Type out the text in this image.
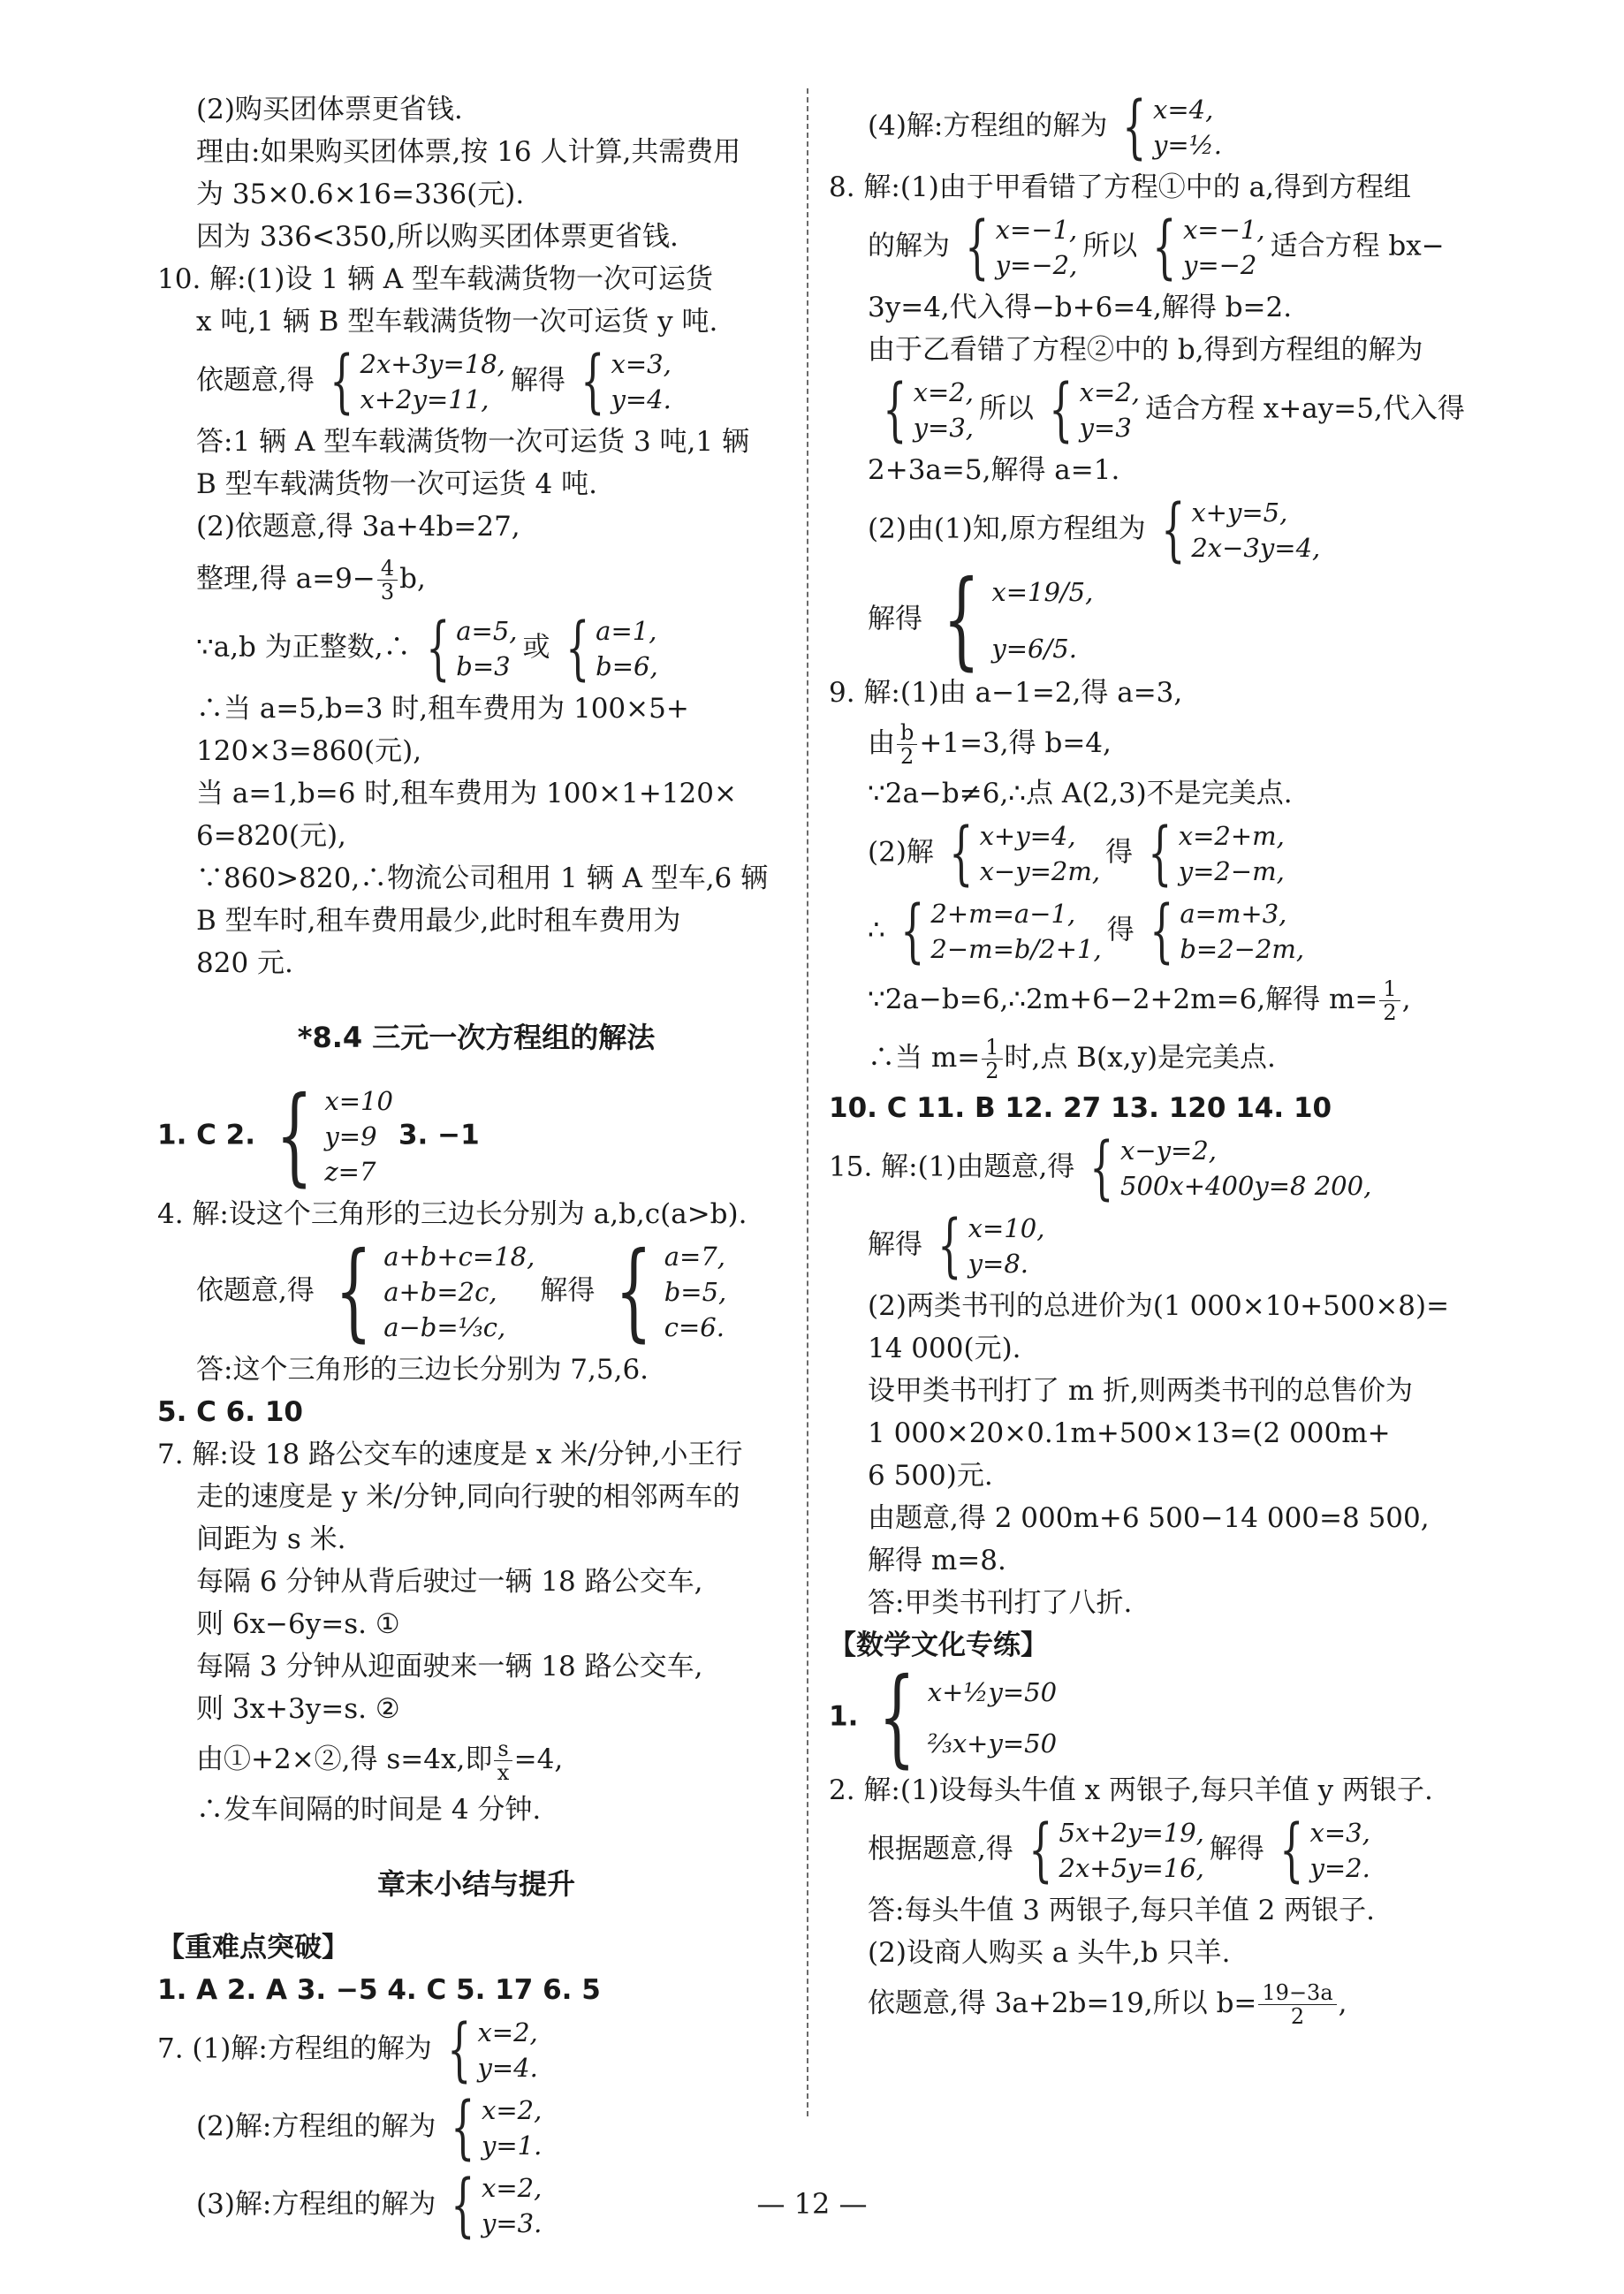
(2)购买团体票更省钱.
理由:如果购买团体票,按 16 人计算,共需费用
为 35×0.6×16=336(元).
因为 336<350,所以购买团体票更省钱.
10. 解:(1)设 1 辆 A 型车载满货物一次可运货
x 吨,1 辆 B 型车载满货物一次可运货 y 吨.
依题意,得 { 2x+3y=18,
x+2y=11,
解得 { x=3,
y=4.
答:1 辆 A 型车载满货物一次可运货 3 吨,1 辆
B 型车载满货物一次可运货 4 吨.
(2)依题意,得 3a+4b=27,
整理,得 $a=9- \frac{4}{3} b$,
∵a,b 为正整数,∴ { a=5,
b=3
或 { a=1,
b=6,
∴当 a=5,b=3 时,租车费用为 100×5+
120×3=860(元),
当 a=1,b=6 时,租车费用为 100×1+120×
6=820(元),
∵860>820,∴物流公司租用 1 辆 A 型车,6 辆
B 型车时,租车费用最少,此时租车费用为
820 元.
*8.4 三元一次方程组的解法
1. C 2. { x=10
y=9
z=7
3. −1
4. 解:设这个三角形的三边长分别为 a,b,c(a>b).
依题意,得 { a+b+c=18,
a+b=2c,
a−b=⅓c,
解得 { a=7,
b=5,
c=6.
答:这个三角形的三边长分别为 7,5,6.
5. C 6. 10
7. 解:设 18 路公交车的速度是 x 米/分钟,小王行
走的速度是 y 米/分钟,同向行驶的相邻两车的
间距为 s 米.
每隔 6 分钟从背后驶过一辆 18 路公交车,
则 6x−6y=s. ①
每隔 3 分钟从迎面驶来一辆 18 路公交车,
则 3x+3y=s. ②
由①+2×②,得 s=4x,即 $\frac{s}{x} =4$,
∴发车间隔的时间是 4 分钟.
章末小结与提升
【重难点突破】
1. A 2. A 3. −5 4. C 5. 17 6. 5
7. (1)解:方程组的解为 { x=2,
y=4.
(2)解:方程组的解为 { x=2,
y=1.
(3)解:方程组的解为 { x=2,
y=3.
(4)解:方程组的解为 { x=4,
y=½.
8. 解:(1)由于甲看错了方程①中的 a,得到方程组
的解为 { x=−1,
y=−2,
所以 { x=−1,
y=−2
适合方程 bx−
3y=4,代入得−b+6=4,解得 b=2.
由于乙看错了方程②中的 b,得到方程组的解为
{ x=2,
y=3,
所以 { x=2,
y=3
适合方程 x+ay=5,代入得
2+3a=5,解得 a=1.
(2)由(1)知,原方程组为 { x+y=5,
2x−3y=4,
解得 { x=19/5,
y=6/5.
9. 解:(1)由 a−1=2,得 a=3,
由 $\frac{b}{2} +1=3$,得 b=4,
∵2a−b≠6,∴点 A(2,3)不是完美点.
(2)解 { x+y=4,
x−y=2m,
得 { x=2+m,
y=2−m,
∴ { 2+m=a−1,
2−m=b/2+1,
得 { a=m+3,
b=2−2m,
∵2a−b=6,∴2m+6−2+2m=6,解得 $m= \frac{1}{2}$ ,
∴当 $m= \frac{1}{2}$ 时,点 B(x,y)是完美点.
10. C 11. B 12. 27 13. 120 14. 10
15. 解:(1)由题意,得 { x−y=2,
500x+400y=8 200,
解得 { x=10,
y=8.
(2)两类书刊的总进价为(1 000×10+500×8)=
14 000(元).
设甲类书刊打了 m 折,则两类书刊的总售价为
1 000×20×0.1m+500×13=(2 000m+
6 500)元.
由题意,得 2 000m+6 500−14 000=8 500,
解得 m=8.
答:甲类书刊打了八折.
【数学文化专练】
1. { x+½y=50
⅔x+y=50
2. 解:(1)设每头牛值 x 两银子,每只羊值 y 两银子.
根据题意,得 { 5x+2y=19,
2x+5y=16,
解得 { x=3,
y=2.
答:每头牛值 3 两银子,每只羊值 2 两银子.
(2)设商人购买 a 头牛,b 只羊.
依题意,得 3a+2b=19,所以 $b= \frac{19-3a}{2}$ ,
— 12 —
